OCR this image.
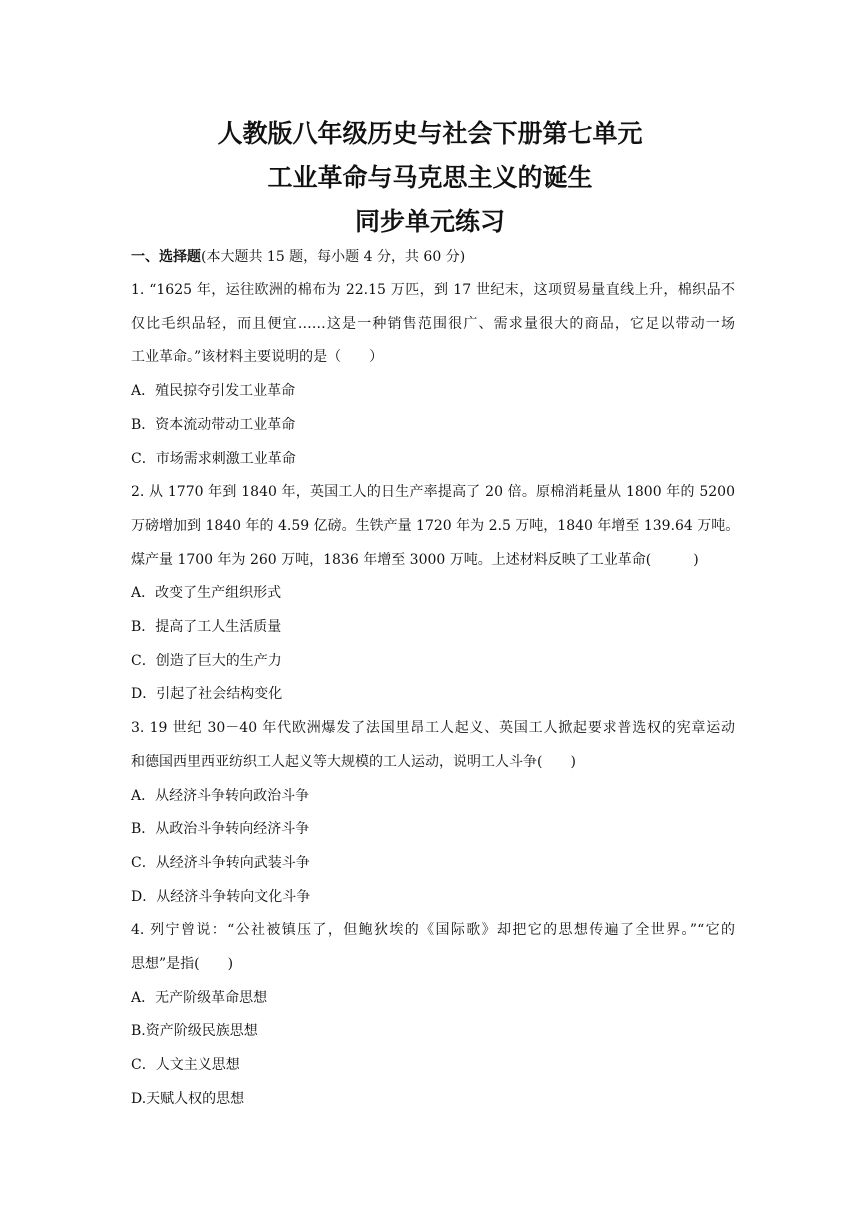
人教版八年级历史与社会下册第七单元
工业革命与马克思主义的诞生
同步单元练习
一、选择题(本大题共 15 题，每小题 4 分，共 60 分)
1. “1625 年，运往欧洲的棉布为 22.15 万匹，到 17 世纪末，这项贸易量直线上升，棉织品不
仅比毛织品轻，而且便宜……这是一种销售范围很广、需求量很大的商品，它足以带动一场
工业革命。”该材料主要说明的是（　　）
A．殖民掠夺引发工业革命
B．资本流动带动工业革命
C．市场需求刺激工业革命
2. 从 1770 年到 1840 年，英国工人的日生产率提高了 20 倍。原棉消耗量从 1800 年的 5200
万磅增加到 1840 年的 4.59 亿磅。生铁产量 1720 年为 2.5 万吨，1840 年增至 139.64 万吨。
煤产量 1700 年为 260 万吨，1836 年增至 3000 万吨。上述材料反映了工业革命(　　　)
A．改变了生产组织形式
B．提高了工人生活质量
C．创造了巨大的生产力
D．引起了社会结构变化
3. 19 世纪 30－40 年代欧洲爆发了法国里昂工人起义、英国工人掀起要求普选权的宪章运动
和德国西里西亚纺织工人起义等大规模的工人运动，说明工人斗争(　　)
A．从经济斗争转向政治斗争
B．从政治斗争转向经济斗争
C．从经济斗争转向武装斗争
D．从经济斗争转向文化斗争
4. 列宁曾说：“公社被镇压了，但鲍狄埃的《国际歌》却把它的思想传遍了全世界。”“它的
思想”是指(　　)
A．无产阶级革命思想
B.资产阶级民族思想
C．人文主义思想
D.天赋人权的思想
